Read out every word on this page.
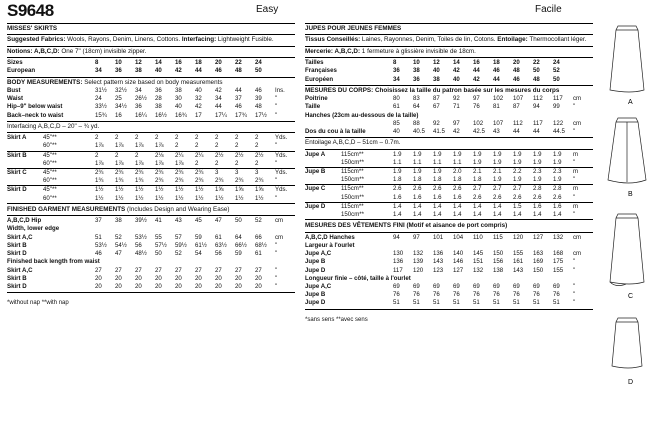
S9648	Easy	Facile
MISSES' SKIRTS
Suggested Fabrics: Wools, Rayons, Denim, Linens, Cottons. Interfacing: Lightweight Fusible.
Notions: A,B,C,D: One 7" (18cm) invisible zipper.
Sizes	8	10	12	14	16	18	20	22	24	
European	34	36	38	40	42	44	46	48	50	
BODY MEASUREMENTS: Select pattern size based on body measurements
Bust	31½	32½	34	36	38	40	42	44	46	Ins.
Waist	24	25	26½	28	30	32	34	37	39	"
Hip–9" below waist	33½	34½	36	38	40	42	44	46	48	"
Back–neck to waist	15¾	16	16¼	16½	16¾	17	17¼	17¾	17½	"
Interfacing A,B,C,D – 20" – ¾ yd.
Skirt A	45"**	2	2	2	2	2	2	2	2	2	Yds.
	60"**	1⅞	1⅞	1⅞	1⅞	2	2	2	2	2	"
Skirt B	45"**	2	2	2	2⅛	2¼	2¼	2½	2½	2½	Yds.
	60"**	1⅞	1⅞	1⅞	1⅞	1⅞	2	2	2	2	"
Skirt C	45"**	2¾	2¾	2¾	2¾	2¾	2¾	3	3	3	Yds.
	60"**	1¾	1¾	1¾	2¾	2¾	2¾	2¾	2¾	2¾	"
Skirt D	45"**	1½	1½	1½	1½	1½	1½	1⅝	1⅝	1⅝	Yds.
	60"**	1½	1½	1½	1½	1½	1½	1½	1½	1½	"
FINISHED GARMENT MEASUREMENTS (Includes Design and Wearing Ease)
A,B,C,D Hip	37	38	39½	41	43	45	47	50	52	cm
Width, lower edge										
Skirt A,C	51	52	53½	55	57	59	61	64	66	cm
Skirt B	53½	54½	56	57½	59½	61½	63½	66½	68½	"
Skirt D	46	47	48½	50	52	54	56	59	61	"
Finished back length from waist										
Skirt A,C	27	27	27	27	27	27	27	27	27	"
Skirt B	20	20	20	20	20	20	20	20	20	"
Skirt D	20	20	20	20	20	20	20	20	20	"
*without nap **with nap
JUPES POUR JEUNES FEMMES
Tissus Conseillés: Laines, Rayonnes, Denim, Toiles de lin, Cotons. Entoilage: Thermocollant léger.
Mercerie: A,B,C,D: 1 fermeture à glissière invisible de 18cm.
Tailles	8	10	12	14	16	18	20	22	24	
Françaises	36	38	40	42	44	46	48	50	52	
Européen	34	36	38	40	42	44	46	48	50	
MESURES DU CORPS: Choisissez la taille du patron basée sur les mesures du corps
Poitrine	80	83	87	92	97	102	107	112	117	cm
Taille	61	64	67	71	76	81	87	94	99	"
Hanches (23cm au-dessous de la taille)										
	85	88	92	97	102	107	112	117	122	cm
Dos du cou à la taille	40	40.5	41.5	42	42.5	43	44	44	44.5	"
Entoilage A,B,C,D – 51cm – 0.7m.
Jupe A	115cm**	1.9	1.9	1.9	1.9	1.9	1.9	1.9	1.9	1.9	m
	150cm**	1.1	1.1	1.1	1.1	1.9	1.9	1.9	1.9	1.9	"
Jupe B	115cm**	1.9	1.9	1.9	2.0	2.1	2.1	2.2	2.3	2.3	m
	150cm**	1.8	1.8	1.8	1.8	1.8	1.9	1.9	1.9	1.9	"
Jupe C	115cm**	2.6	2.6	2.6	2.6	2.7	2.7	2.7	2.8	2.8	m
	150cm**	1.6	1.6	1.6	1.6	2.6	2.6	2.6	2.6	2.6	"
Jupe D	115cm**	1.4	1.4	1.4	1.4	1.4	1.4	1.5	1.6	1.6	m
	150cm**	1.4	1.4	1.4	1.4	1.4	1.4	1.4	1.4	1.4	"
MESURES DES VÊTEMENTS FINI (Motif et aisance de port compris)
A,B,C,D Hanches	94	97	101	104	110	115	120	127	132	cm
Largeur à l'ourlet										
Jupe A,C	130	132	136	140	145	150	155	163	168	cm
Jupe B	136	139	143	146	151	156	161	169	175	"
Jupe D	117	120	123	127	132	138	143	150	155	"
Longueur finie – côté, taille à l'ourlet										
Jupe A,C	69	69	69	69	69	69	69	69	69	"
Jupe B	76	76	76	76	76	76	76	76	76	"
Jupe D	51	51	51	51	51	51	51	51	51	"
*sans sens **avec sens
A
B
C
D
